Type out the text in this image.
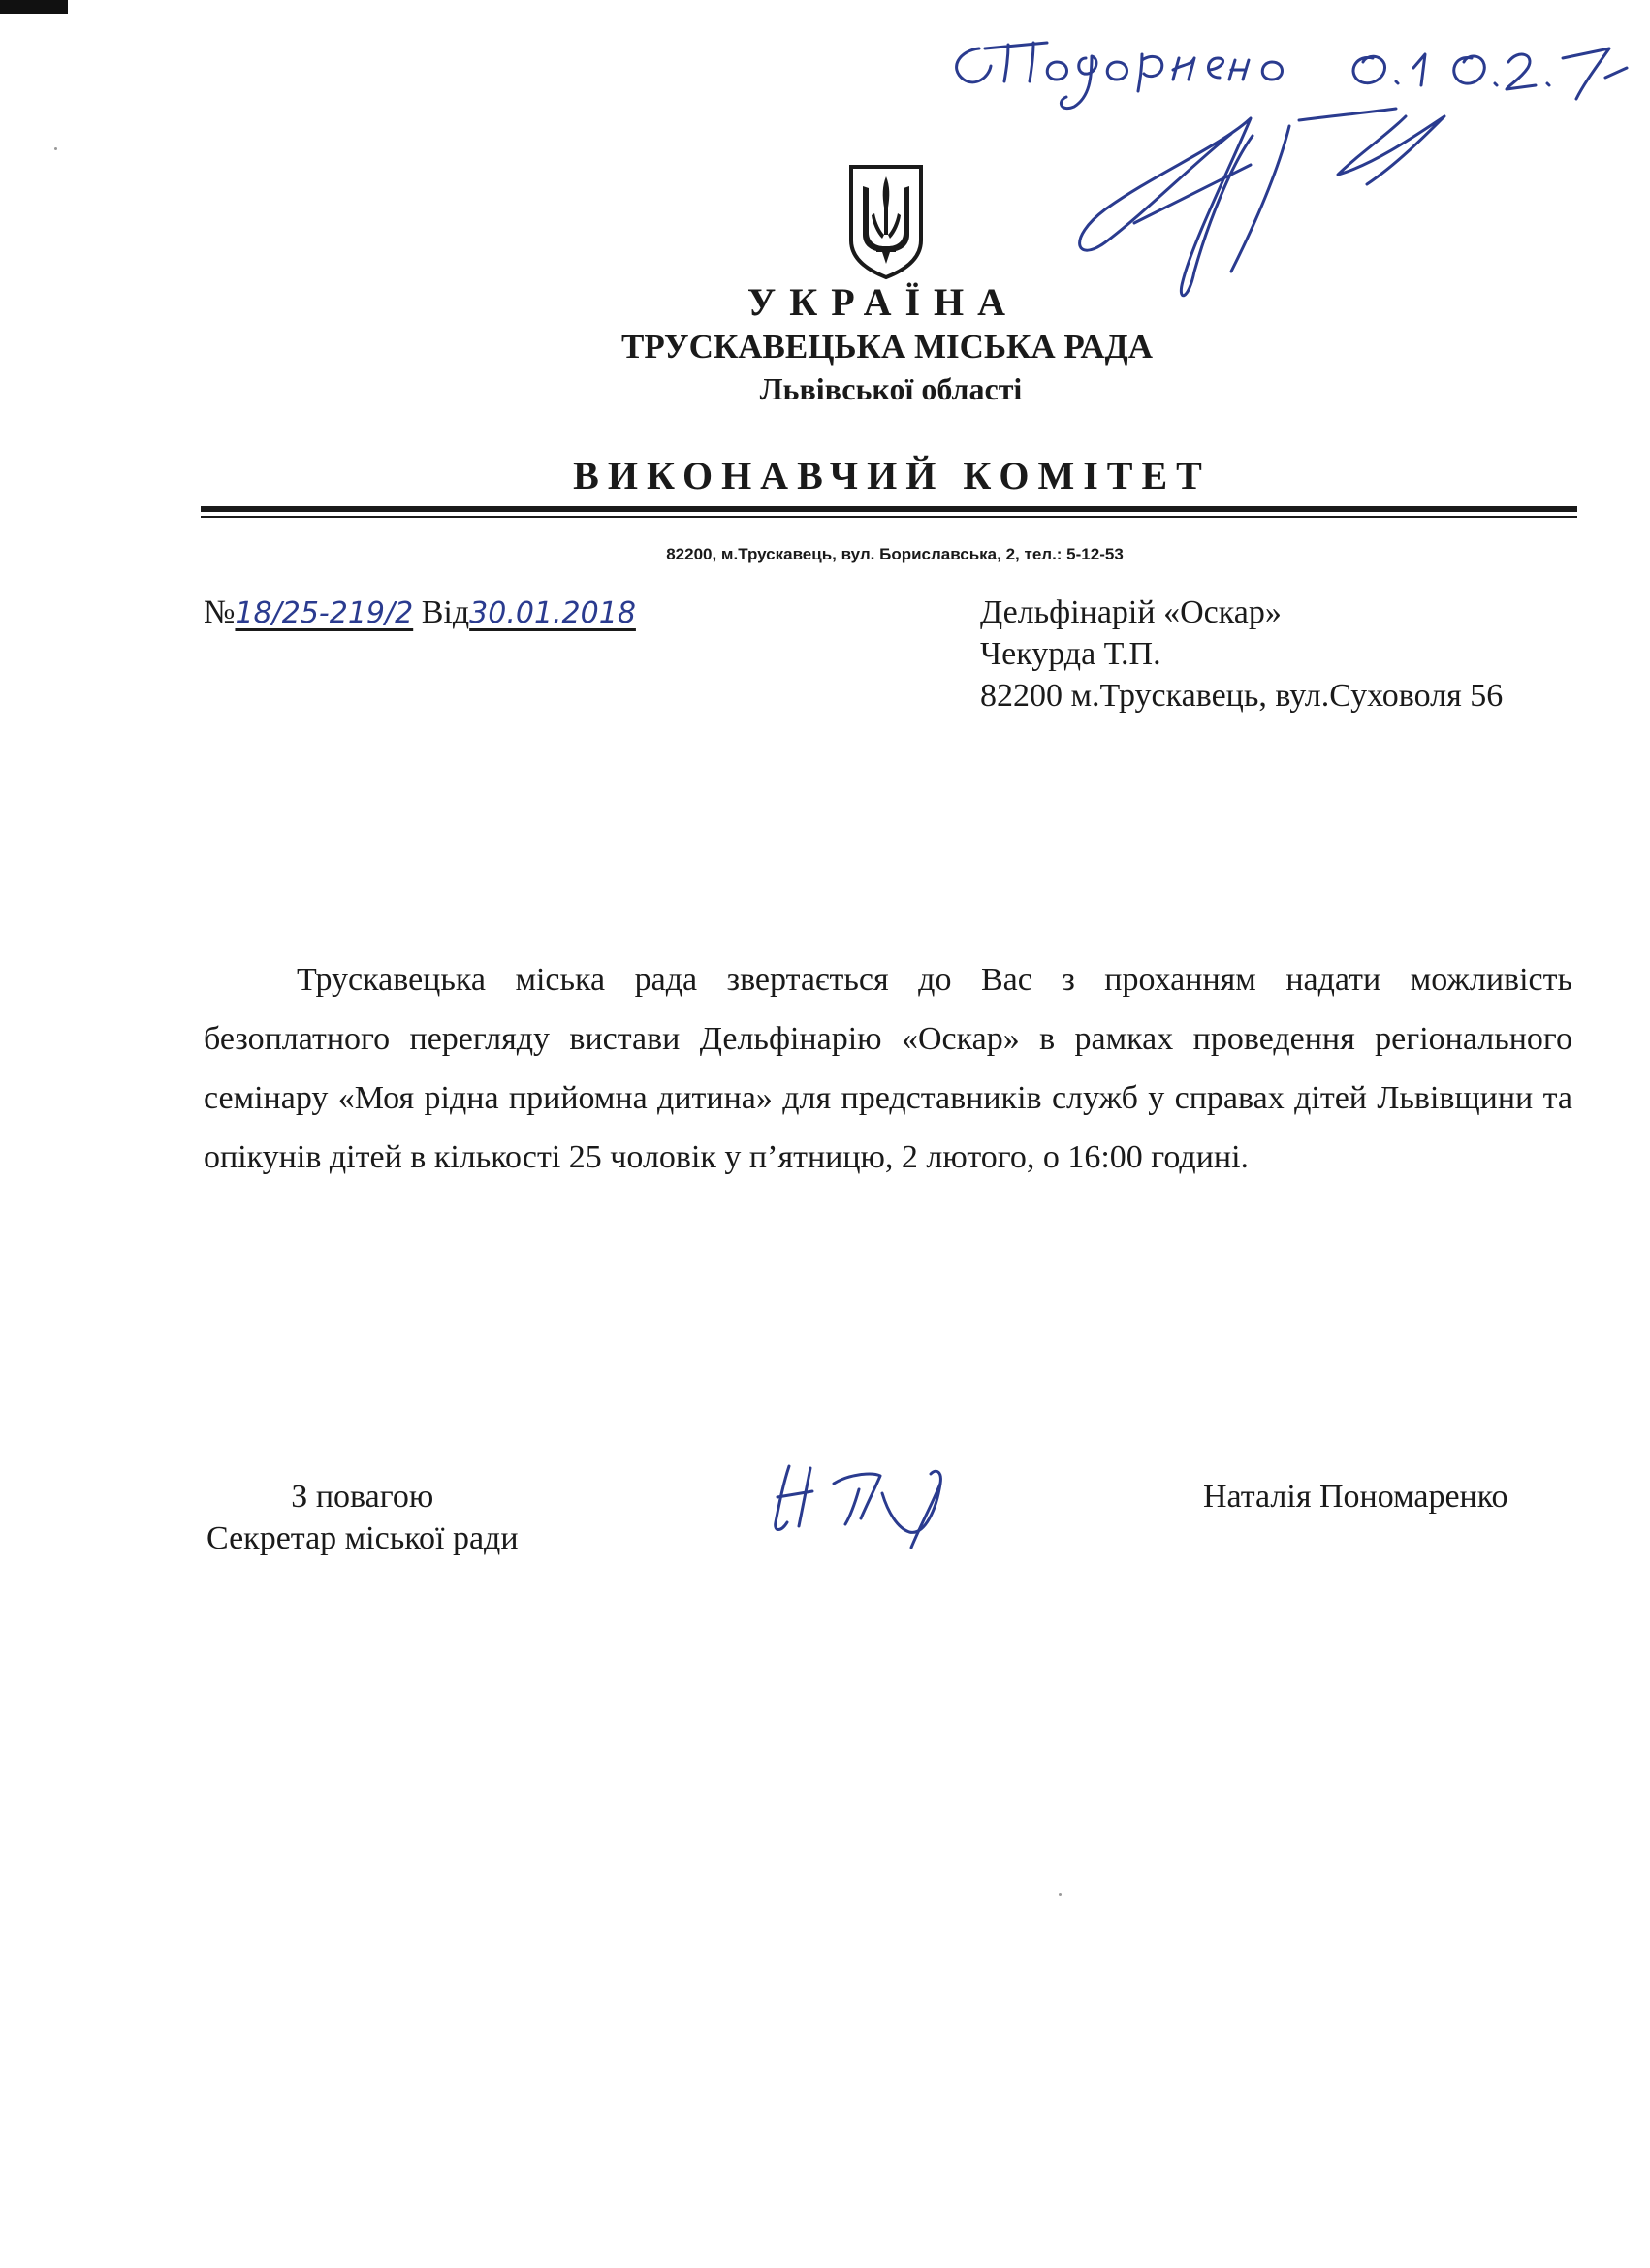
УКРАЇНА
ТРУСКАВЕЦЬКА МІСЬКА РАДА
Львівської області
ВИКОНАВЧИЙ КОМІТЕТ
82200, м.Трускавець, вул. Бориславська, 2, тел.: 5-12-53
№18/25-219/2 Від30.01.2018	Дельфінарій «Оскар»
Чекурда Т.П.
82200 м.Трускавець, вул.Суховоля 56

Трускавецька міська рада звертається до Вас з проханням надати можливість безоплатного перегляду вистави Дельфінарію «Оскар» в рамках проведення регіонального семінару «Моя рідна прийомна дитина» для представників служб у справах дітей Львівщини та опікунів дітей в кількості 25 чоловік у п’ятницю, 2 лютого, о 16:00 годині.

З повагою
Секретар міської ради
Наталія Пономаренко
